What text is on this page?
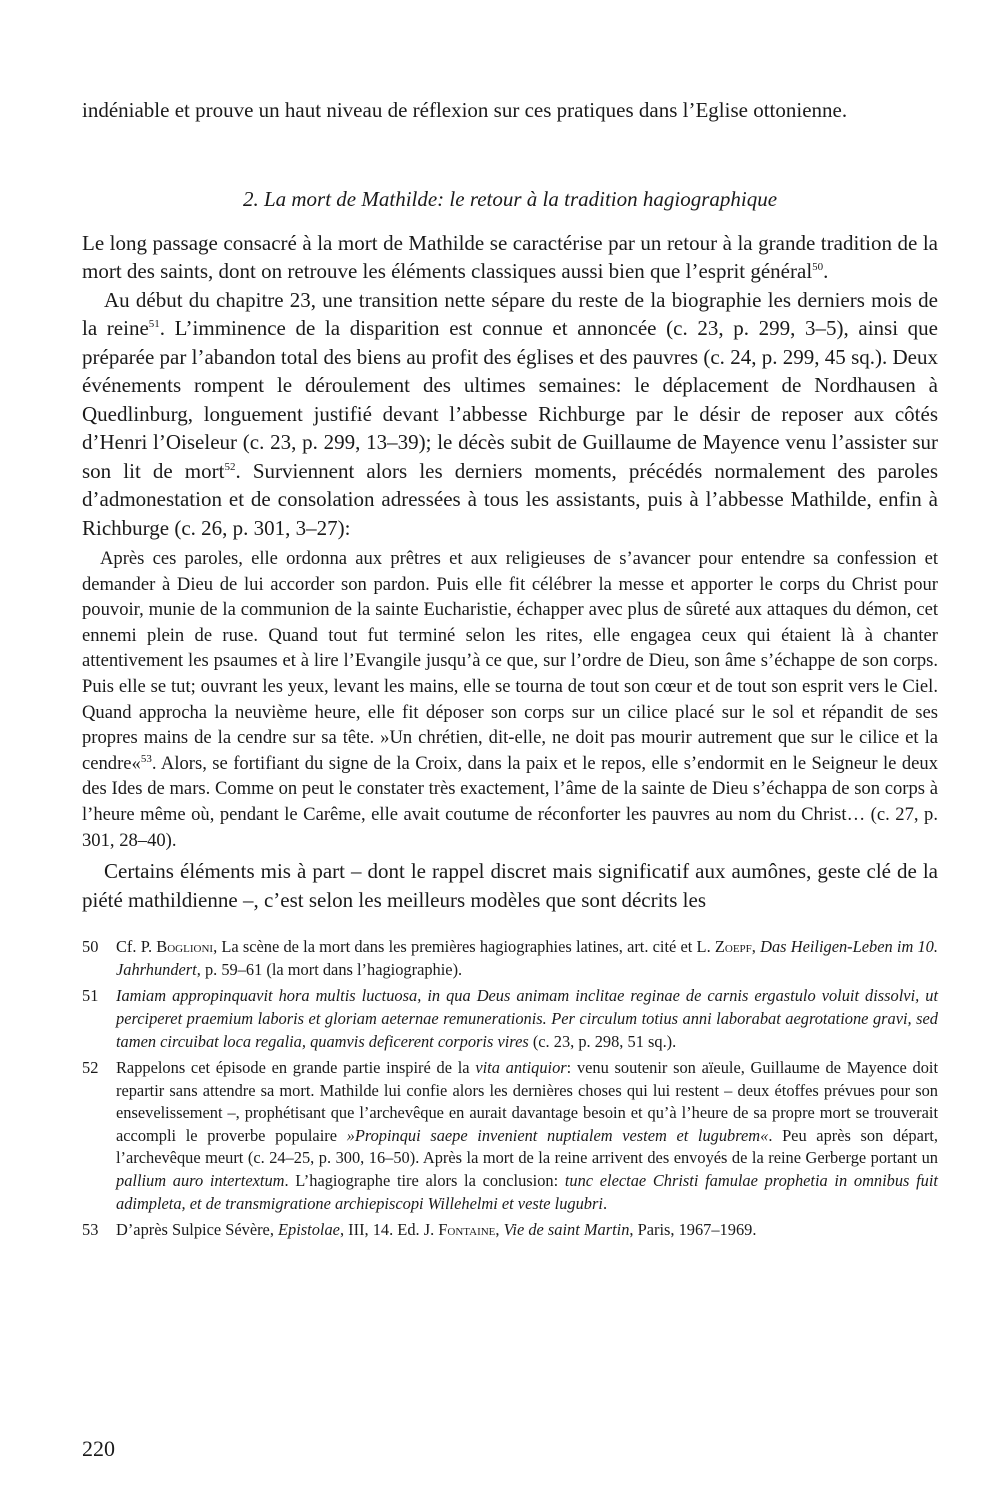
indéniable et prouve un haut niveau de réflexion sur ces pratiques dans l’Eglise ottonienne.

2. La mort de Mathilde: le retour à la tradition hagiographique

Le long passage consacré à la mort de Mathilde se caractérise par un retour à la grande tradition de la mort des saints, dont on retrouve les éléments classiques aussi bien que l’esprit général$^{50}$.

Au début du chapitre 23, une transition nette sépare du reste de la biographie les derniers mois de la reine$^{51}$. L’imminence de la disparition est connue et annoncée (c. 23, p. 299, 3–5), ainsi que préparée par l’abandon total des biens au profit des églises et des pauvres (c. 24, p. 299, 45 sq.). Deux événements rompent le déroulement des ultimes semaines: le déplacement de Nordhausen à Quedlinburg, longuement justifié devant l’abbesse Richburge par le désir de reposer aux côtés d’Henri l’Oiseleur (c. 23, p. 299, 13–39); le décès subit de Guillaume de Mayence venu l’assister sur son lit de mort$^{52}$. Surviennent alors les derniers moments, précédés normalement des paroles d’admonestation et de consolation adressées à tous les assistants, puis à l’abbesse Mathilde, enfin à Richburge (c. 26, p. 301, 3–27):

Après ces paroles, elle ordonna aux prêtres et aux religieuses de s’avancer pour entendre sa confession et demander à Dieu de lui accorder son pardon. Puis elle fit célébrer la messe et apporter le corps du Christ pour pouvoir, munie de la communion de la sainte Eucharistie, échapper avec plus de sûreté aux attaques du démon, cet ennemi plein de ruse. Quand tout fut terminé selon les rites, elle engagea ceux qui étaient là à chanter attentivement les psaumes et à lire l’Evangile jusqu’à ce que, sur l’ordre de Dieu, son âme s’échappe de son corps. Puis elle se tut; ouvrant les yeux, levant les mains, elle se tourna de tout son cœur et de tout son esprit vers le Ciel. Quand approcha la neuvième heure, elle fit déposer son corps sur un cilice placé sur le sol et répandit de ses propres mains de la cendre sur sa tête. »Un chrétien, dit-elle, ne doit pas mourir autrement que sur le cilice et la cendre«$^{53}$. Alors, se fortifiant du signe de la Croix, dans la paix et le repos, elle s’endormit en le Seigneur le deux des Ides de mars. Comme on peut le constater très exactement, l’âme de la sainte de Dieu s’échappa de son corps à l’heure même où, pendant le Carême, elle avait coutume de réconforter les pauvres au nom du Christ… (c. 27, p. 301, 28–40).

Certains éléments mis à part – dont le rappel discret mais significatif aux aumônes, geste clé de la piété mathildienne –, c’est selon les meilleurs modèles que sont décrits les

50	Cf. P. Boglioni, La scène de la mort dans les premières hagiographies latines, art. cité et L. Zoepf, Das Heiligen-Leben im 10. Jahrhundert, p. 59–61 (la mort dans l’hagiographie).
51	Iamiam appropinquavit hora multis luctuosa, in qua Deus animam inclitae reginae de carnis ergastulo voluit dissolvi, ut perciperet praemium laboris et gloriam aeternae remunerationis. Per circulum totius anni laborabat aegrotatione gravi, sed tamen circuibat loca regalia, quamvis deficerent corporis vires (c. 23, p. 298, 51 sq.).
52	Rappelons cet épisode en grande partie inspiré de la vita antiquior: venu soutenir son aïeule, Guillaume de Mayence doit repartir sans attendre sa mort. Mathilde lui confie alors les dernières choses qui lui restent – deux étoffes prévues pour son ensevelissement –, prophétisant que l’archevêque en aurait davantage besoin et qu’à l’heure de sa propre mort se trouverait accompli le proverbe populaire »Propinqui saepe invenient nuptialem vestem et lugubrem«. Peu après son départ, l’archevêque meurt (c. 24–25, p. 300, 16–50). Après la mort de la reine arrivent des envoyés de la reine Gerberge portant un pallium auro intertextum. L’hagiographe tire alors la conclusion: tunc electae Christi famulae prophetia in omnibus fuit adimpleta, et de transmigratione archiepiscopi Willehelmi et veste lugubri.
53	D’après Sulpice Sévère, Epistolae, III, 14. Ed. J. Fontaine, Vie de saint Martin, Paris, 1967–1969.
220
